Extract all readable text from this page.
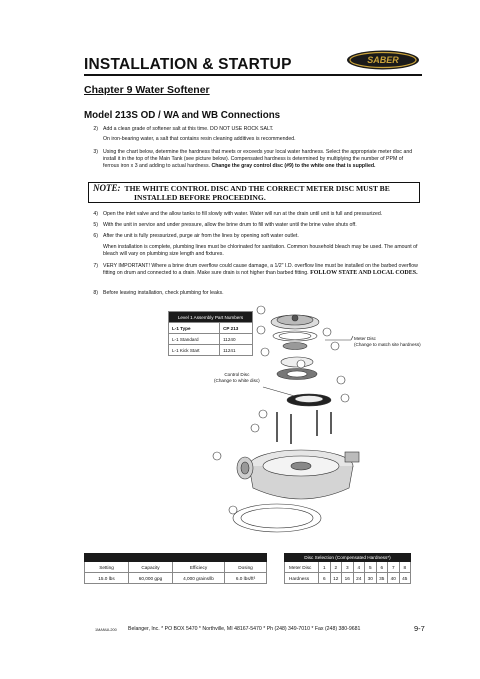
INSTALLATION & STARTUP	SABER
Chapter 9 Water Softener
Model 213S OD / WA and WB Connections
2) Add a clean grade of softener salt at this time. DO NOT USE ROCK SALT.
On iron-bearing water, a salt that contains resin cleaning additives is recommended.
3) Using the chart below, determine the hardness that meets or exceeds your local water hardness. Select the appropriate meter disc and install it in the top of the Main Tank (see picture below). Compensated hardness is determined by multiplying the number of PPM of ferrous iron x 3 and adding to actual hardness. Change the gray control disc (#9) to the white one that is supplied.
NOTE: THE WHITE CONTROL DISC AND THE CORRECT METER DISC MUST BE
INSTALLED BEFORE PROCEEDING.
4) Open the inlet valve and the allow tanks to fill slowly with water. Water will run at the drain until unit is full and pressurized.
5) With the unit in service and under pressure, allow the brine drum to fill with water until the brine valve shuts off.
6) After the unit is fully pressurized, purge air from the lines by opening soft water outlet.
When installation is complete, plumbing lines must be chlorinated for sanitation. Common household bleach may be used. The amount of bleach will vary on plumbing size length and fixtures.
7) VERY IMPORTANT! Where a brine drum overflow could cause damage, a 1/2" I.D. overflow line must be installed on the barbed overflow fitting on drum and connected to a drain. Make sure drain is not higher than barbed fitting. FOLLOW STATE AND LOCAL CODES.
8) Before leaving installation, check plumbing for leaks.
Level 1 Assembly Part Numbers	
L-1 Type	CP 213
L-1 Standard	11240
L-1 Kick Start	11241
Meter Disc
(Change to match site hardness)
Control Disc
(Change to white disc)

Setting	Capacity	Efficiecy	Dosing
15.0 lbs	60,000 gpg	4,000 grains/lb	6.0 lbs/ft³
Disc Selection (Compensated Hardness*)								
Meter Disc	1	2	3	4	5	6	7	8
Hardness	6	12	16	24	30	35	40	45
1MANUL200 Belanger, Inc. * PO BOX 5470 * Northville, MI 48167-5470 * Ph (248) 349-7010 * Fax (248) 380-9681	9-7
